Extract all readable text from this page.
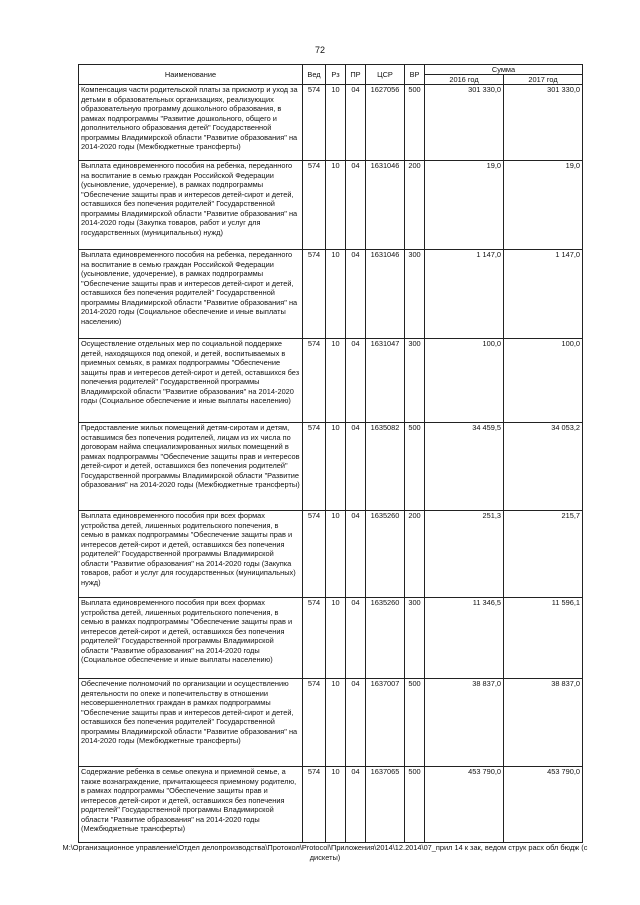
72
Наименование	Вед	Рз	ПР	ЦСР	ВР	Сумма	
						2016 год	2017 год
Компенсация части родительской платы за присмотр и уход за детьми в образовательных организациях, реализующих образовательную программу дошкольного образования, в рамках подпрограммы "Развитие дошкольного, общего и дополнительного образования детей" Государственной программы Владимирской области "Развитие образования" на 2014-2020 годы (Межбюджетные трансферты)	574	10	04	1627056	500	301 330,0	301 330,0
Выплата единовременного пособия на ребенка, переданного на воспитание в семью граждан Российской Федерации (усыновление, удочерение), в рамках подпрограммы "Обеспечение защиты прав и интересов детей-сирот и детей, оставшихся без попечения родителей" Государственной программы Владимирской области "Развитие образования" на 2014-2020 годы (Закупка товаров, работ и услуг для государственных (муниципальных) нужд)	574	10	04	1631046	200	19,0	19,0
Выплата единовременного пособия на ребенка, переданного на воспитание в семью граждан Российской Федерации (усыновление, удочерение), в рамках подпрограммы "Обеспечение защиты прав и интересов детей-сирот и детей, оставшихся без попечения родителей" Государственной программы Владимирской области "Развитие образования" на 2014-2020 годы (Социальное обеспечение и иные выплаты населению)	574	10	04	1631046	300	1 147,0	1 147,0
Осуществление отдельных мер по социальной поддержке детей, находящихся под опекой, и детей, воспитываемых в приемных семьях, в рамках подпрограммы "Обеспечение защиты прав и интересов детей-сирот и детей, оставшихся без попечения родителей" Государственной программы Владимирской области "Развитие образования" на 2014-2020 годы (Социальное обеспечение и иные выплаты населению)	574	10	04	1631047	300	100,0	100,0
Предоставление жилых помещений детям-сиротам и детям, оставшимся без попечения родителей, лицам из их числа по договорам найма специализированных жилых помещений в рамках подпрограммы "Обеспечение защиты прав и интересов детей-сирот и детей, оставшихся без попечения родителей" Государственной программы Владимирской области "Развитие образования" на 2014-2020 годы (Межбюджетные трансферты)	574	10	04	1635082	500	34 459,5	34 053,2
Выплата единовременного пособия при всех формах устройства детей, лишенных родительского попечения, в семью в рамках подпрограммы "Обеспечение защиты прав и интересов детей-сирот и детей, оставшихся без попечения родителей" Государственной программы Владимирской области "Развитие образования" на 2014-2020 годы (Закупка товаров, работ и услуг для государственных (муниципальных) нужд)	574	10	04	1635260	200	251,3	215,7
Выплата единовременного пособия при всех формах устройства детей, лишенных родительского попечения, в семью в рамках подпрограммы "Обеспечение защиты прав и интересов детей-сирот и детей, оставшихся без попечения родителей" Государственной программы Владимирской области "Развитие образования" на 2014-2020 годы (Социальное обеспечение и иные выплаты населению)	574	10	04	1635260	300	11 346,5	11 596,1
Обеспечение полномочий по организации и осуществлению деятельности по опеке и попечительству в отношении несовершеннолетних граждан в рамках подпрограммы "Обеспечение защиты прав и интересов детей-сирот и детей, оставшихся без попечения родителей" Государственной программы Владимирской области "Развитие образования" на 2014-2020 годы (Межбюджетные трансферты)	574	10	04	1637007	500	38 837,0	38 837,0
Содержание ребенка в семье опекуна и приемной семье, а также вознаграждение, причитающееся приемному родителю, в рамках подпрограммы "Обеспечение защиты прав и интересов детей-сирот и детей, оставшихся без попечения родителей" Государственной программы Владимирской области "Развитие образования" на 2014-2020 годы (Межбюджетные трансферты)	574	10	04	1637065	500	453 790,0	453 790,0
M:\Организационное управление\Отдел делопроизводства\Протокол\Protocol\Приложения\2014\12.2014\07_прил 14 к зак, ведом струк расх обл бюдж (с дискеты)
